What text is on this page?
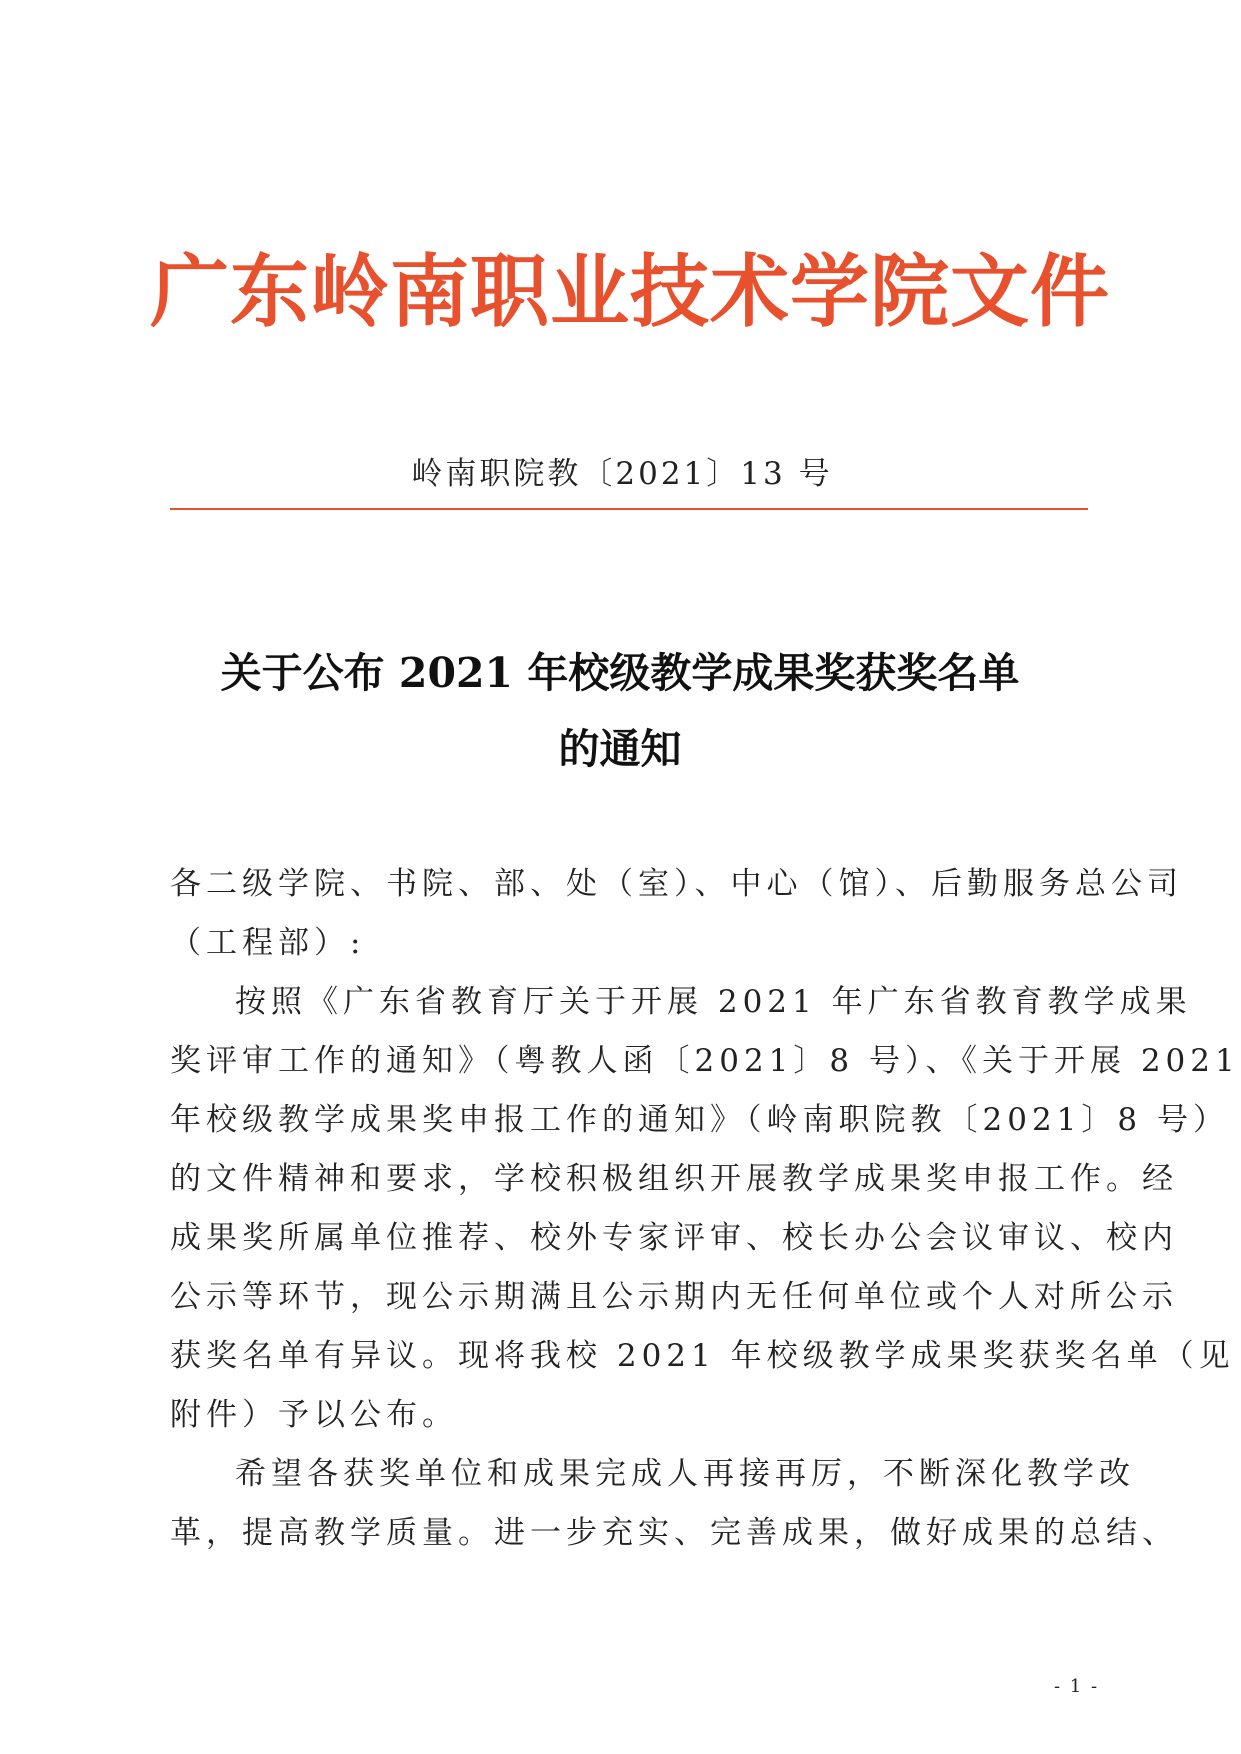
广东岭南职业技术学院文件
岭南职院教〔2021〕13 号
关于公布 2021 年校级教学成果奖获奖名单
的通知
各二级学院、书院、部、处（室）、中心（馆）、后勤服务总公司
（工程部）:
按照《广东省教育厅关于开展 2021 年广东省教育教学成果
奖评审工作的通知》（粤教人函〔2021〕8 号）、《关于开展 2021
年校级教学成果奖申报工作的通知》（岭南职院教〔2021〕8 号）
的文件精神和要求，学校积极组织开展教学成果奖申报工作。经
成果奖所属单位推荐、校外专家评审、校长办公会议审议、校内
公示等环节，现公示期满且公示期内无任何单位或个人对所公示
获奖名单有异议。现将我校 2021 年校级教学成果奖获奖名单（见
附件）予以公布。
希望各获奖单位和成果完成人再接再厉，不断深化教学改
革，提高教学质量。进一步充实、完善成果，做好成果的总结、
- 1 -
